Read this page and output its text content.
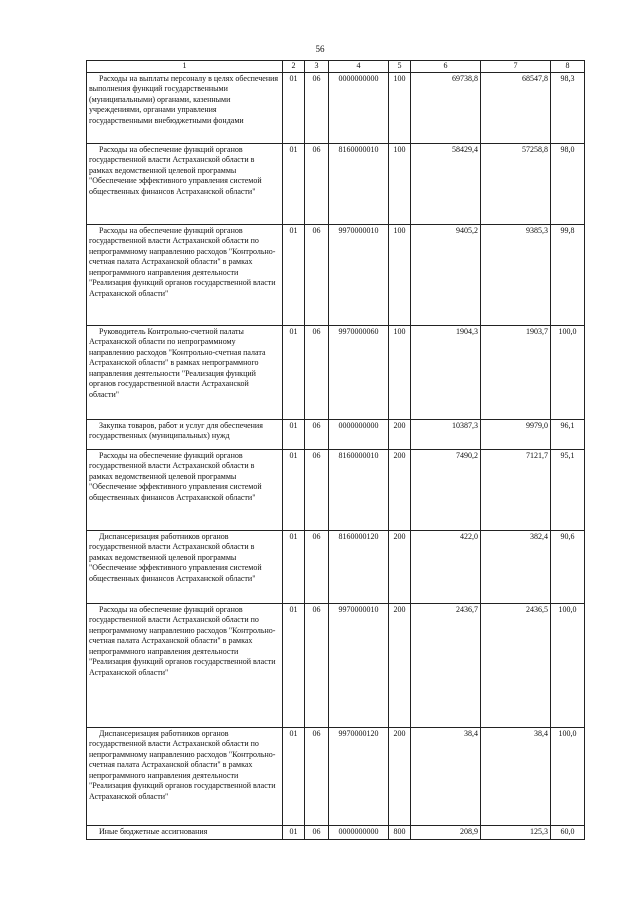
56
1	2	3	4	5	6	7	8
Расходы на выплаты персоналу в целях обеспечения выполнения функций государственными (муниципальными) органами, казенными учреждениями, органами управления государственными внебюджетными фондами	01	06	0000000000	100	69738,8	68547,8	98,3
Расходы на обеспечение функций органов государственной власти Астраханской области в рамках ведомственной целевой программы "Обеспечение эффективного управления системой общественных финансов Астраханской области"	01	06	8160000010	100	58429,4	57258,8	98,0
Расходы на обеспечение функций органов государственной власти Астраханской области по непрограммному направлению расходов "Контрольно-счетная палата Астраханской области" в рамках непрограммного направления деятельности "Реализация функций органов государственной власти Астраханской области"	01	06	9970000010	100	9405,2	9385,3	99,8
Руководитель Контрольно-счетной палаты Астраханской области по непрограммному направлению расходов "Контрольно-счетная палата Астраханской области" в рамках непрограммного направления деятельности "Реализация функций органов государственной власти Астраханской области"	01	06	9970000060	100	1904,3	1903,7	100,0
Закупка товаров, работ и услуг для обеспечения государственных (муниципальных) нужд	01	06	0000000000	200	10387,3	9979,0	96,1
Расходы на обеспечение функций органов государственной власти Астраханской области в рамках ведомственной целевой программы "Обеспечение эффективного управления системой общественных финансов Астраханской области"	01	06	8160000010	200	7490,2	7121,7	95,1
Диспансеризация работников органов государственной власти Астраханской области в рамках ведомственной целевой программы "Обеспечение эффективного управления системой общественных финансов Астраханской области"	01	06	8160000120	200	422,0	382,4	90,6
Расходы на обеспечение функций органов государственной власти Астраханской области по непрограммному направлению расходов "Контрольно-счетная палата Астраханской области" в рамках непрограммного направления деятельности "Реализация функций органов государственной власти Астраханской области"	01	06	9970000010	200	2436,7	2436,5	100,0
Диспансеризация работников органов государственной власти Астраханской области по непрограммному направлению расходов "Контрольно-счетная палата Астраханской области" в рамках непрограммного направления деятельности "Реализация функций органов государственной власти Астраханской области"	01	06	9970000120	200	38,4	38,4	100,0
Иные бюджетные ассигнования	01	06	0000000000	800	208,9	125,3	60,0
